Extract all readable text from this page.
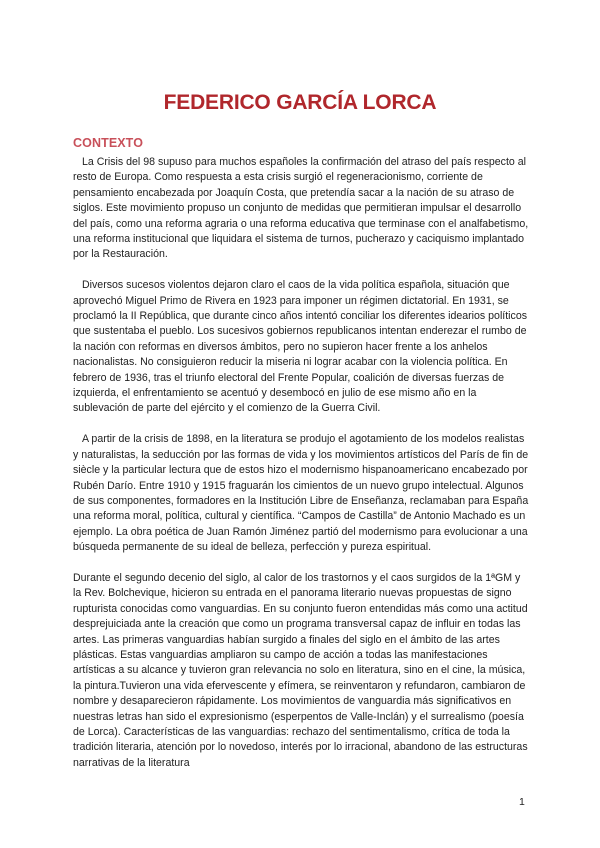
FEDERICO GARCÍA LORCA
CONTEXTO

La Crisis del 98 supuso para muchos españoles la confirmación del atraso del país respecto al resto de Europa. Como respuesta a esta crisis surgió el regeneracionismo, corriente de pensamiento encabezada por Joaquín Costa, que pretendía sacar a la nación de su atraso de siglos. Este movimiento propuso un conjunto de medidas que permitieran impulsar el desarrollo del país, como una reforma agraria o una reforma educativa que terminase con el analfabetismo, una reforma institucional que liquidara el sistema de turnos, pucherazo y caciquismo implantado por la Restauración.

Diversos sucesos violentos dejaron claro el caos de la vida política española, situación que aprovechó Miguel Primo de Rivera en 1923 para imponer un régimen dictatorial. En 1931, se proclamó la II República, que durante cinco años intentó conciliar los diferentes idearios políticos que sustentaba el pueblo. Los sucesivos gobiernos republicanos intentan enderezar el rumbo de la nación con reformas en diversos ámbitos, pero no supieron hacer frente a los anhelos nacionalistas. No consiguieron reducir la miseria ni lograr acabar con la violencia política. En febrero de 1936, tras el triunfo electoral del Frente Popular, coalición de diversas fuerzas de izquierda, el enfrentamiento se acentuó y desembocó en julio de ese mismo año en la sublevación de parte del ejército y el comienzo de la Guerra Civil.

A partir de la crisis de 1898, en la literatura se produjo el agotamiento de los modelos realistas y naturalistas, la seducción por las formas de vida y los movimientos artísticos del París de fin de siècle y la particular lectura que de estos hizo el modernismo hispanoamericano encabezado por Rubén Darío. Entre 1910 y 1915 fraguarán los cimientos de un nuevo grupo intelectual. Algunos de sus componentes, formadores en la Institución Libre de Enseñanza, reclamaban para España una reforma moral, política, cultural y científica. “Campos de Castilla” de Antonio Machado es un ejemplo. La obra poética de Juan Ramón Jiménez partió del modernismo para evolucionar a una búsqueda permanente de su ideal de belleza, perfección y pureza espiritual.

Durante el segundo decenio del siglo, al calor de los trastornos y el caos surgidos de la 1ªGM y la Rev. Bolchevique, hicieron su entrada en el panorama literario nuevas propuestas de signo rupturista conocidas como vanguardias. En su conjunto fueron entendidas más como una actitud desprejuiciada ante la creación que como un programa transversal capaz de influir en todas las artes. Las primeras vanguardias habían surgido a finales del siglo en el ámbito de las artes plásticas. Estas vanguardias ampliaron su campo de acción a todas las manifestaciones artísticas a su alcance y tuvieron gran relevancia no solo en literatura, sino en el cine, la música, la pintura.Tuvieron una vida efervescente y efímera, se reinventaron y refundaron, cambiaron de nombre y desaparecieron rápidamente. Los movimientos de vanguardia más significativos en nuestras letras han sido el expresionismo (esperpentos de Valle-Inclán) y el surrealismo (poesía de Lorca). Características de las vanguardias: rechazo del sentimentalismo, crítica de toda la tradición literaria, atención por lo novedoso, interés por lo irracional, abandono de las estructuras narrativas de la literatura

1
